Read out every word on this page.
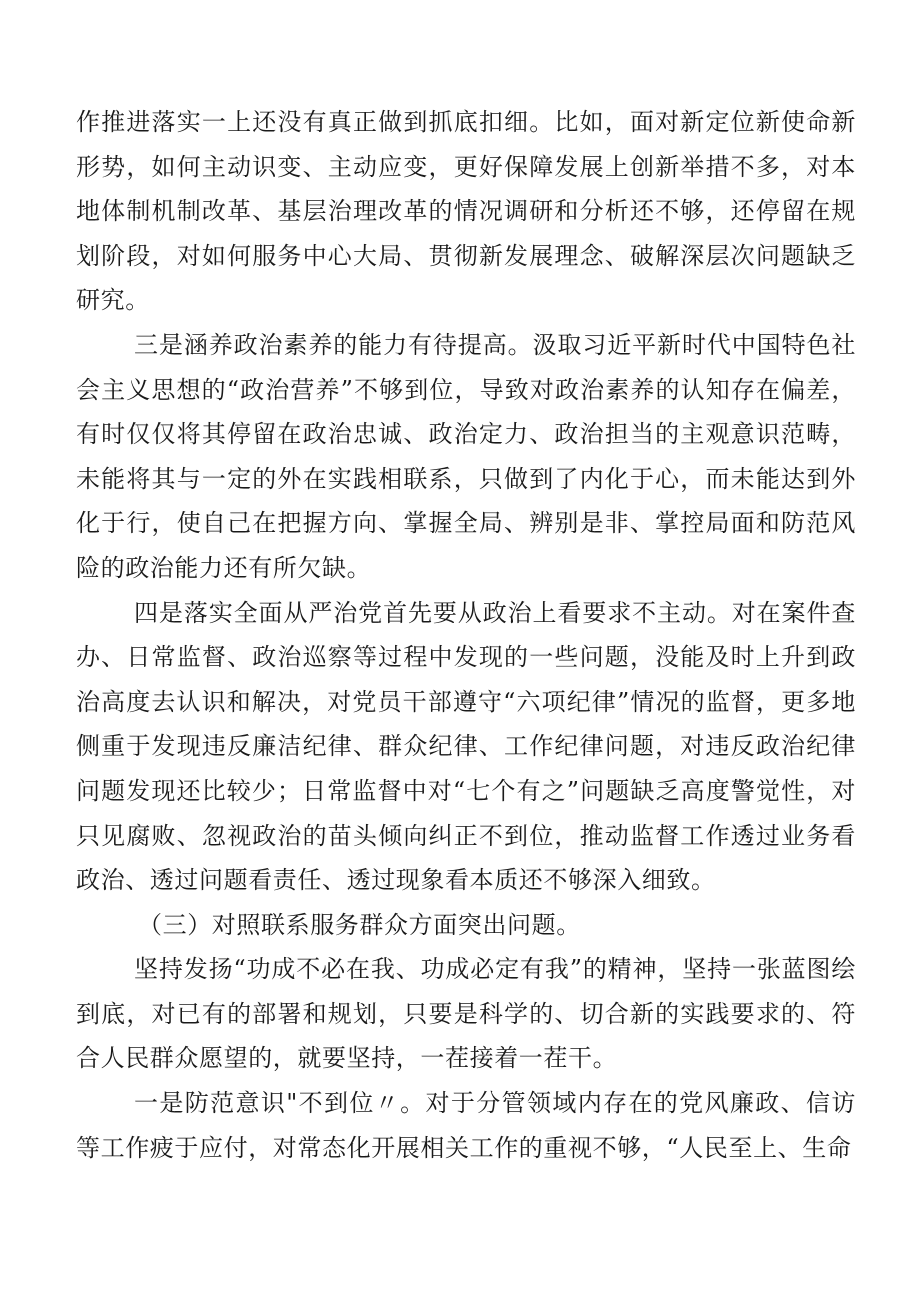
作推进落实一上还没有真正做到抓底扣细。比如，面对新定位新使命新形势，如何主动识变、主动应变，更好保障发展上创新举措不多，对本地体制机制改革、基层治理改革的情况调研和分析还不够，还停留在规划阶段，对如何服务中心大局、贯彻新发展理念、破解深层次问题缺乏研究。

三是涵养政治素养的能力有待提高。汲取习近平新时代中国特色社会主义思想的“政治营养”不够到位，导致对政治素养的认知存在偏差，有时仅仅将其停留在政治忠诚、政治定力、政治担当的主观意识范畴，未能将其与一定的外在实践相联系，只做到了内化于心，而未能达到外化于行，使自己在把握方向、掌握全局、辨别是非、掌控局面和防范风险的政治能力还有所欠缺。

四是落实全面从严治党首先要从政治上看要求不主动。对在案件查办、日常监督、政治巡察等过程中发现的一些问题，没能及时上升到政治高度去认识和解决，对党员干部遵守“六项纪律”情况的监督，更多地侧重于发现违反廉洁纪律、群众纪律、工作纪律问题，对违反政治纪律问题发现还比较少；日常监督中对“七个有之”问题缺乏高度警觉性，对只见腐败、忽视政治的苗头倾向纠正不到位，推动监督工作透过业务看政治、透过问题看责任、透过现象看本质还不够深入细致。

（三）对照联系服务群众方面突出问题。

坚持发扬“功成不必在我、功成必定有我”的精神，坚持一张蓝图绘到底，对已有的部署和规划，只要是科学的、切合新的实践要求的、符合人民群众愿望的，就要坚持，一茬接着一茬干。

一是防范意识"不到位〃。对于分管领域内存在的党风廉政、信访等工作疲于应付，对常态化开展相关工作的重视不够，“人民至上、生命
